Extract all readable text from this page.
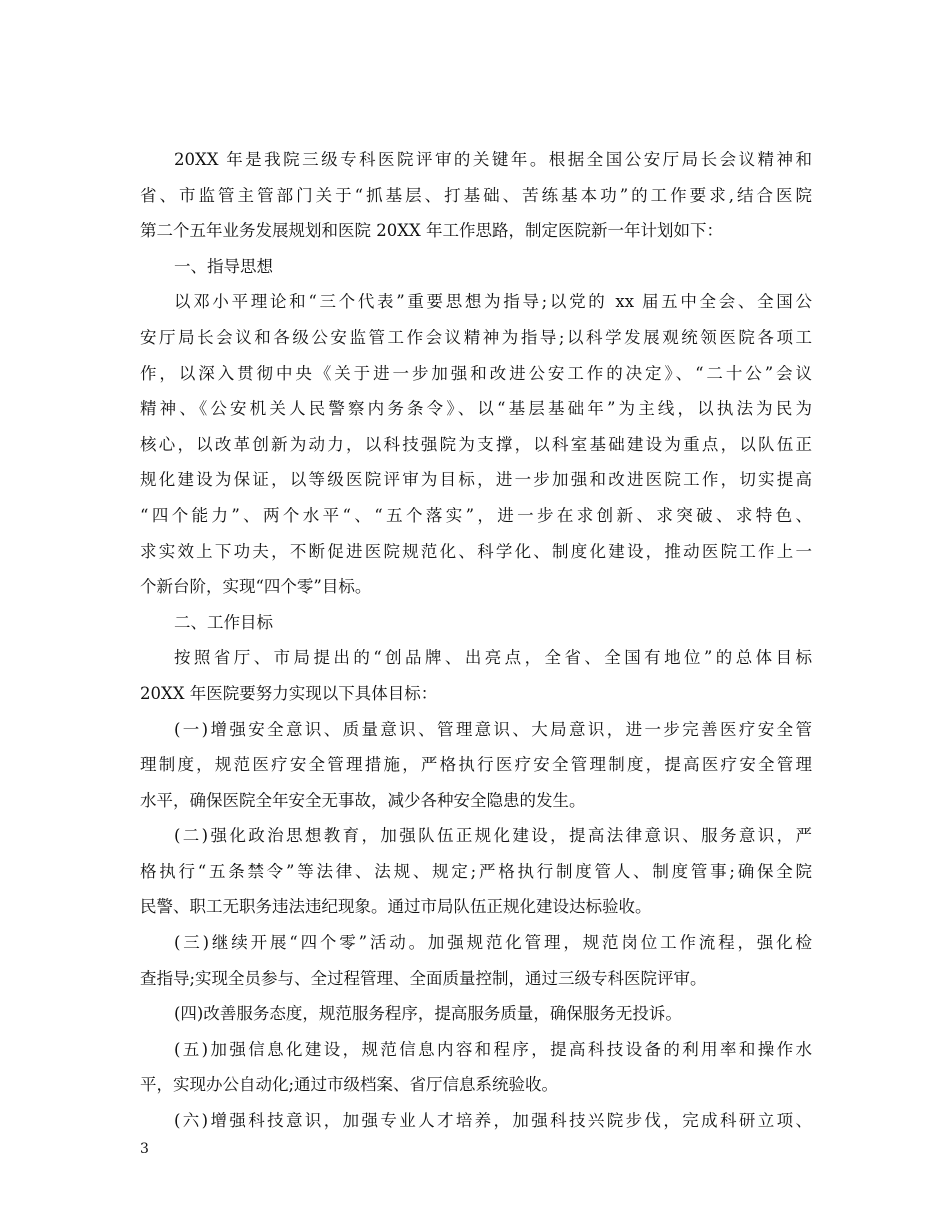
20XX 年是我院三级专科医院评审的关键年。根据全国公安厅局长会议精神和
省、市监管主管部门关于“抓基层、打基础、苦练基本功”的工作要求,结合医院
第二个五年业务发展规划和医院 20XX 年工作思路，制定医院新一年计划如下：
一、指导思想
以邓小平理论和“三个代表”重要思想为指导;以党的 xx 届五中全会、全国公
安厅局长会议和各级公安监管工作会议精神为指导;以科学发展观统领医院各项工
作，以深入贯彻中央《关于进一步加强和改进公安工作的决定》、“二十公”会议
精神、《公安机关人民警察内务条令》、以“基层基础年”为主线，以执法为民为
核心，以改革创新为动力，以科技强院为支撑，以科室基础建设为重点，以队伍正
规化建设为保证，以等级医院评审为目标，进一步加强和改进医院工作，切实提高
“四个能力”、两个水平“、“五个落实”，进一步在求创新、求突破、求特色、
求实效上下功夫，不断促进医院规范化、科学化、制度化建设，推动医院工作上一
个新台阶，实现“四个零”目标。
二、工作目标
按照省厅、市局提出的“创品牌、出亮点，全省、全国有地位”的总体目标
20XX 年医院要努力实现以下具体目标：
(一)增强安全意识、质量意识、管理意识、大局意识，进一步完善医疗安全管
理制度，规范医疗安全管理措施，严格执行医疗安全管理制度，提高医疗安全管理
水平，确保医院全年安全无事故，减少各种安全隐患的发生。
(二)强化政治思想教育，加强队伍正规化建设，提高法律意识、服务意识，严
格执行“五条禁令”等法律、法规、规定;严格执行制度管人、制度管事;确保全院
民警、职工无职务违法违纪现象。通过市局队伍正规化建设达标验收。
(三)继续开展“四个零”活动。加强规范化管理，规范岗位工作流程，强化检
查指导;实现全员参与、全过程管理、全面质量控制，通过三级专科医院评审。
(四)改善服务态度，规范服务程序，提高服务质量，确保服务无投诉。
(五)加强信息化建设，规范信息内容和程序，提高科技设备的利用率和操作水
平，实现办公自动化;通过市级档案、省厅信息系统验收。
(六)增强科技意识，加强专业人才培养，加强科技兴院步伐，完成科研立项、
3
